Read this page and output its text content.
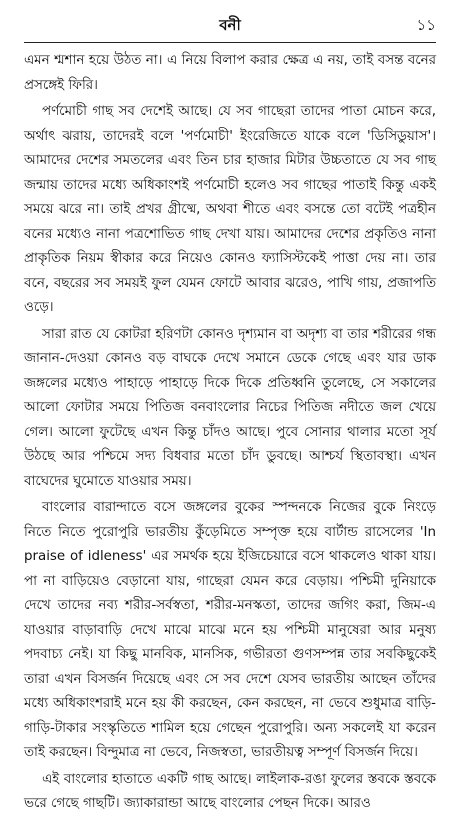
বনী	১১

এমন শ্মশান হয়ে উঠত না। এ নিয়ে বিলাপ করার ক্ষেত্র এ নয়, তাই বসন্ত বনের প্রসঙ্গেই ফিরি।

পর্ণমোচী গাছ সব দেশেই আছে। যে সব গাছেরা তাদের পাতা মোচন করে, অর্থাৎ ঝরায়, তাদেরই বলে 'পর্ণমোচী' ইংরেজিতে যাকে বলে 'ডিসিডুয়াস'। আমাদের দেশের সমতলের এবং তিন চার হাজার মিটার উচ্চতাতে যে সব গাছ জন্মায় তাদের মধ্যে অধিকাংশই পর্ণমোচী হলেও সব গাছের পাতাই কিন্তু একই সময়ে ঝরে না। তাই প্রখর গ্রীষ্মে, অথবা শীতে এবং বসন্তে তো বটেই পত্রহীন বনের মধ্যেও নানা পত্রশোভিত গাছ দেখা যায়। আমাদের দেশের প্রকৃতিও নানা প্রাকৃতিক নিয়ম স্বীকার করে নিয়েও কোনও ফ্যাসিস্টকেই পাত্তা দেয় না। তার বনে, বছরের সব সময়ই ফুল যেমন ফোটে আবার ঝরেও, পাখি গায়, প্রজাপতি ওড়ে।

সারা রাত যে কোটরা হরিণটা কোনও দৃশ্যমান বা অদৃশ্য বা তার শরীরের গন্ধ জানান-দেওয়া কোনও বড় বাঘকে দেখে সমানে ডেকে গেছে এবং যার ডাক জঙ্গলের মধ্যেও পাহাড়ে পাহাড়ে দিকে দিকে প্রতিধ্বনি তুলেছে, সে সকালের আলো ফোটার সময়ে পিতিজ বনবাংলোর নিচের পিতিজ নদীতে জল খেয়ে গেল। আলো ফুটেছে এখন কিন্তু চাঁদও আছে। পুবে সোনার থালার মতো সূর্য উঠছে আর পশ্চিমে সদ্য বিধবার মতো চাঁদ ডুবছে। আশ্চর্য স্থিতাবস্থা। এখন বাঘেদের ঘুমোতে যাওয়ার সময়।

বাংলোর বারান্দাতে বসে জঙ্গলের বুকের স্পন্দনকে নিজের বুকে নিংড়ে নিতে নিতে পুরোপুরি ভারতীয় কুঁড়েমিতে সম্পৃক্ত হয়ে বার্টান্ড রাসেলের 'In praise of idleness' এর সমর্থক হয়ে ইজিচেয়ারে বসে থাকলেও থাকা যায়। পা না বাড়িয়েও বেড়ানো যায়, গাছেরা যেমন করে বেড়ায়। পশ্চিমী দুনিয়াকে দেখে তাদের নব্য শরীর-সর্বস্বতা, শরীর-মনস্কতা, তাদের জগিং করা, জিম-এ যাওয়ার বাড়াবাড়ি দেখে মাঝে মাঝে মনে হয় পশ্চিমী মানুষেরা আর মনুষ্য পদবাচ্য নেই। যা কিছু মানবিক, মানসিক, গভীরতা গুণসম্পন্ন তার সবকিছুকেই তারা এখন বিসর্জন দিয়েছে এবং সে সব দেশে যেসব ভারতীয় আছেন তাঁদের মধ্যে অধিকাংশরাই মনে হয় কী করছেন, কেন করছেন, না ভেবে শুধুমাত্র বাড়ি-গাড়ি-টাকার সংস্কৃতিতে শামিল হয়ে গেছেন পুরোপুরি। অন্য সকলেই যা করেন তাই করছেন। বিন্দুমাত্র না ভেবে, নিজস্বতা, ভারতীয়ত্ব সম্পূর্ণ বিসর্জন দিয়ে।

এই বাংলোর হাতাতে একটি গাছ আছে। লাইলাক-রঙা ফুলের স্তবকে স্তবকে ভরে গেছে গাছটি। জ্যাকারান্ডা আছে বাংলোর পেছন দিকে। আরও
